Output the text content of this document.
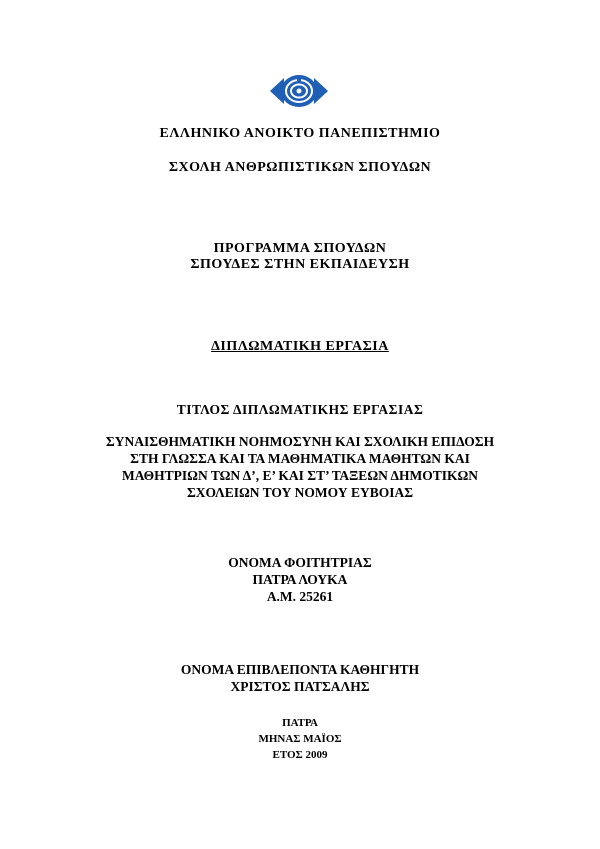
ΕΛΛΗΝΙΚΟ ΑΝΟΙΚΤΟ ΠΑΝΕΠΙΣΤΗΜΙΟ
ΣΧΟΛΗ ΑΝΘΡΩΠΙΣΤΙΚΩΝ ΣΠΟΥΔΩΝ
ΠΡΟΓΡΑΜΜΑ ΣΠΟΥΔΩΝ
ΣΠΟΥΔΕΣ ΣΤΗΝ ΕΚΠΑΙΔΕΥΣΗ
ΔΙΠΛΩΜΑΤΙΚΗ ΕΡΓΑΣΙΑ
ΤΙΤΛΟΣ ΔΙΠΛΩΜΑΤΙΚΗΣ ΕΡΓΑΣΙΑΣ
ΣΥΝΑΙΣΘΗΜΑΤΙΚΗ ΝΟΗΜΟΣΥΝΗ ΚΑΙ ΣΧΟΛΙΚΗ ΕΠΙΔΟΣΗ
ΣΤΗ ΓΛΩΣΣΑ ΚΑΙ ΤΑ ΜΑΘΗΜΑΤΙΚΑ ΜΑΘΗΤΩΝ ΚΑΙ
ΜΑΘΗΤΡΙΩΝ ΤΩΝ Δ’, Ε’ ΚΑΙ ΣΤ’ ΤΑΞΕΩΝ ΔΗΜΟΤΙΚΩΝ
ΣΧΟΛΕΙΩΝ ΤΟΥ ΝΟΜΟΥ ΕΥΒΟΙΑΣ
ΟΝΟΜΑ ΦΟΙΤΗΤΡΙΑΣ
ΠΑΤΡΑ ΛΟΥΚΑ
Α.Μ. 25261
ΟΝΟΜΑ ΕΠΙΒΛΕΠΟΝΤΑ ΚΑΘΗΓΗΤΗ
ΧΡΙΣΤΟΣ ΠΑΤΣΑΛΗΣ
ΠΑΤΡΑ
ΜΗΝΑΣ ΜΑΪΟΣ
ΕΤΟΣ 2009
